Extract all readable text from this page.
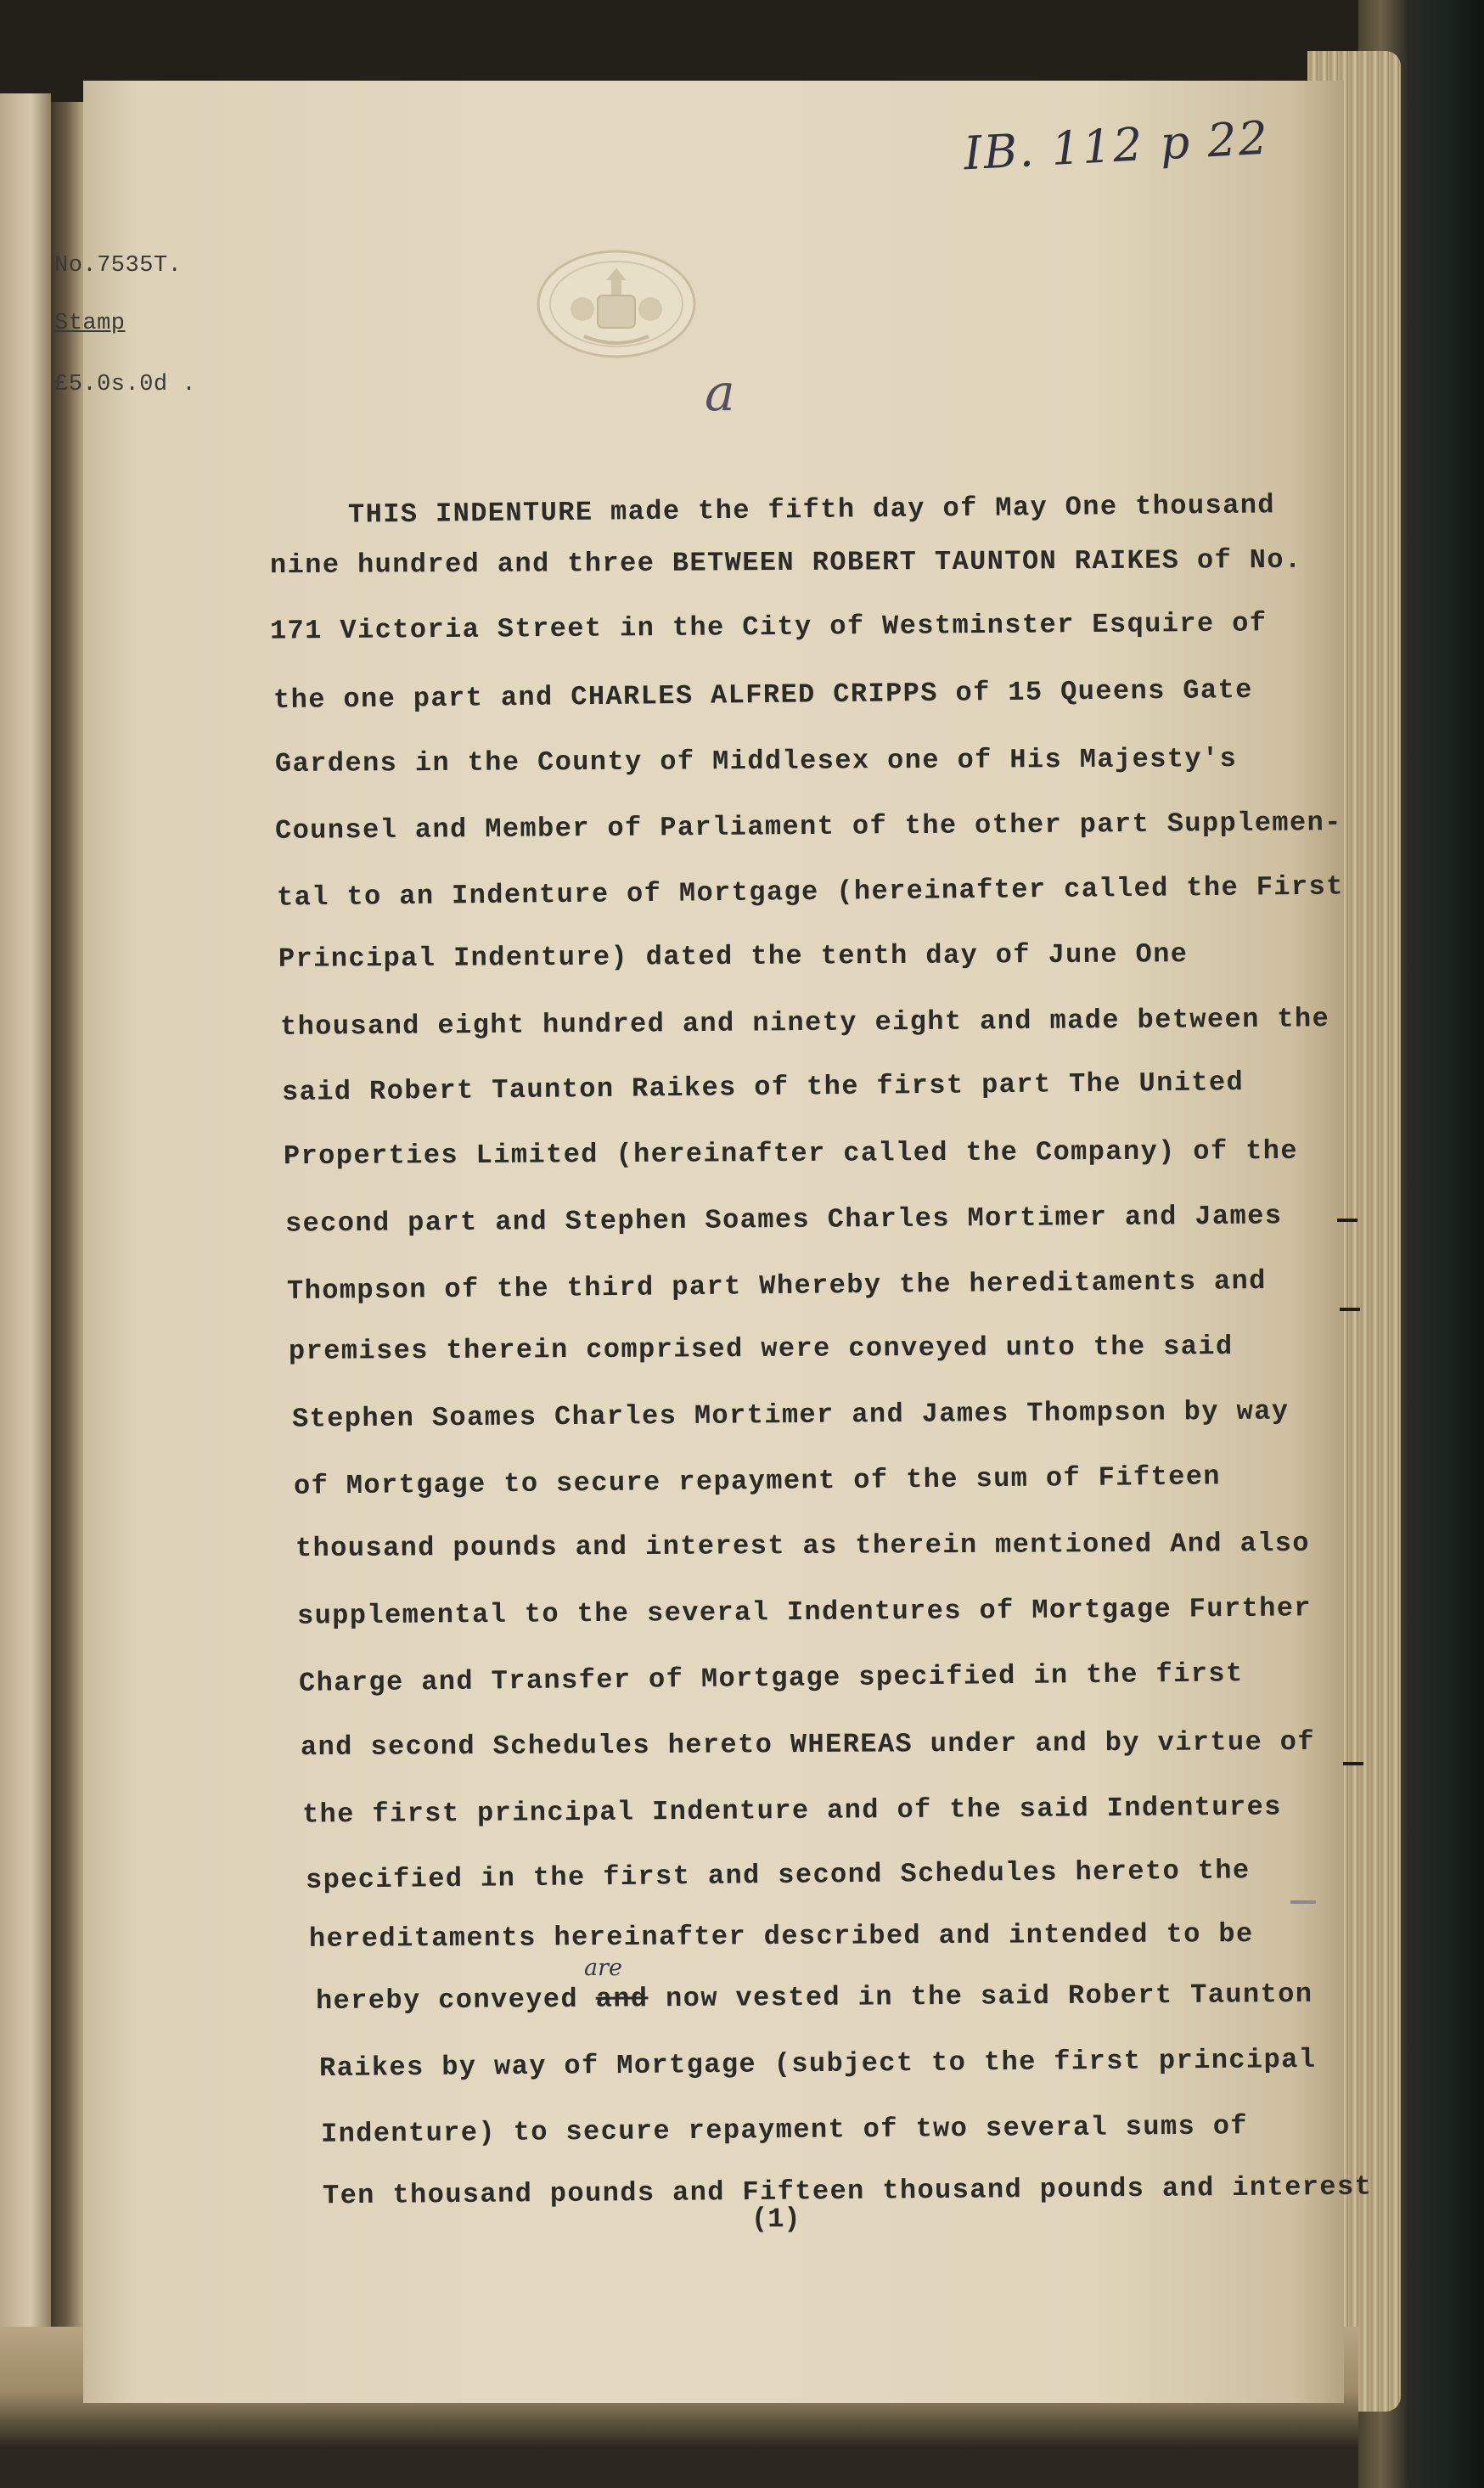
IB. 112 p 22
No.7535T.
Stamp
£5.0s.0d .	a
THIS INDENTURE made the fifth day of May One thousand
nine hundred and three BETWEEN ROBERT TAUNTON RAIKES of No.
171 Victoria Street in the City of Westminster Esquire of
the one part and CHARLES ALFRED CRIPPS of 15 Queens Gate
Gardens in the County of Middlesex one of His Majesty's
Counsel and Member of Parliament of the other part Supplemen-
tal to an Indenture of Mortgage (hereinafter called the First
Principal Indenture) dated the tenth day of June One
thousand eight hundred and ninety eight and made between the
said Robert Taunton Raikes of the first part The United
Properties Limited (hereinafter called the Company) of the
second part and Stephen Soames Charles Mortimer and James
Thompson of the third part Whereby the hereditaments and
premises therein comprised were conveyed unto the said
Stephen Soames Charles Mortimer and James Thompson by way
of Mortgage to secure repayment of the sum of Fifteen
thousand pounds and interest as therein mentioned And also
supplemental to the several Indentures of Mortgage Further
Charge and Transfer of Mortgage specified in the first
and second Schedules hereto WHEREAS under and by virtue of
the first principal Indenture and of the said Indentures
specified in the first and second Schedules hereto the
hereditaments hereinafter described and intended to be
hereby conveyed and now vested in the said Robert Taunton
are
Raikes by way of Mortgage (subject to the first principal
Indenture) to secure repayment of two several sums of
Ten thousand pounds and Fifteen thousand pounds and interest
(1)
